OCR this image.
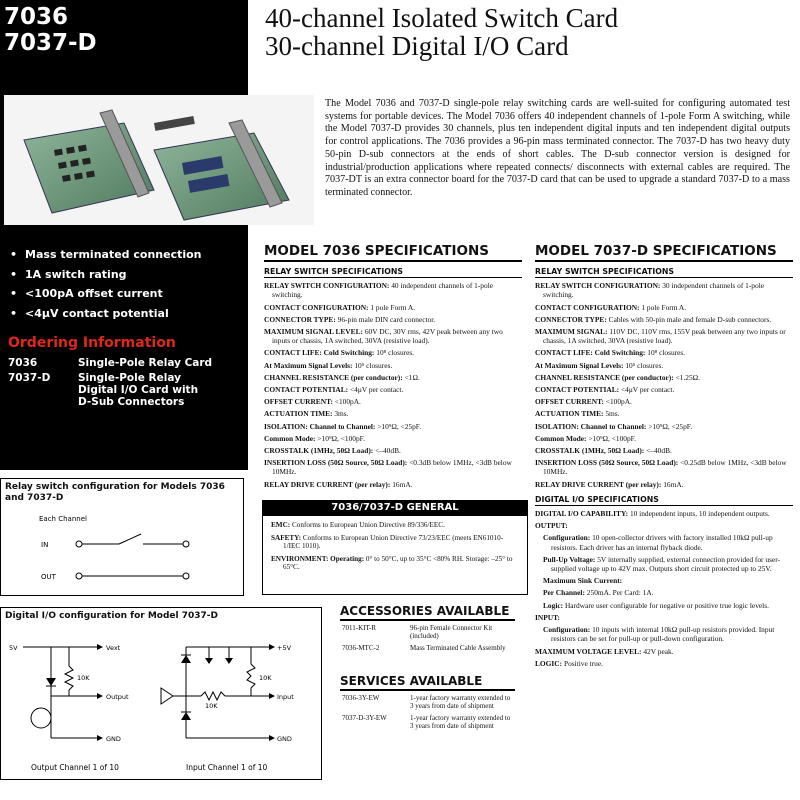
7036
7037-D
• Mass terminated connection
• 1A switch rating
• <100pA offset current
• <4μV contact potential
Ordering Information
7036	Single-Pole Relay Card
7037-D	Single-Pole Relay
Digital I/O Card with
D-Sub Connectors
40-channel Isolated Switch Card
30-channel Digital I/O Card
The Model 7036 and 7037-D single-pole relay switching cards are well-suited for configuring automated test systems for portable devices. The Model 7036 offers 40 independent channels of 1-pole Form A switching, while the Model 7037-D provides 30 channels, plus ten independent digital inputs and ten independent digital outputs for control applications. The 7036 provides a 96-pin mass terminated connector. The 7037-D has two heavy duty 50-pin D-sub connectors at the ends of short cables. The D-sub connector version is designed for industrial/production applications where repeated connects/ disconnects with external cables are required. The 7037-DT is an extra connector board for the 7037-D card that can be used to upgrade a standard 7037-D to a mass terminated connector.
MODEL 7036 SPECIFICATIONS
RELAY SWITCH SPECIFICATIONS
RELAY SWITCH CONFIGURATION: 40 independent channels of 1-pole switching.
CONTACT CONFIGURATION: 1 pole Form A.
CONNECTOR TYPE: 96-pin male DIN card connector.
MAXIMUM SIGNAL LEVEL: 60V DC, 30V rms, 42V peak between any two inputs or chassis, 1A switched, 30VA (resistive load).
CONTACT LIFE: Cold Switching: 10⁸ closures.
At Maximum Signal Levels: 10⁵ closures.
CHANNEL RESISTANCE (per conductor): <1Ω.
CONTACT POTENTIAL: <4μV per contact.
OFFSET CURRENT: <100pA.
ACTUATION TIME: 3ms.
ISOLATION: Channel to Channel: >10⁹Ω, <25pF.
Common Mode: >10⁹Ω, <100pF.
CROSSTALK (1MHz, 50Ω Load): <–40dB.
INSERTION LOSS (50Ω Source, 50Ω Load): <0.3dB below 1MHz, <3dB below 10MHz.
RELAY DRIVE CURRENT (per relay): 16mA.
MODEL 7037-D SPECIFICATIONS
RELAY SWITCH SPECIFICATIONS
RELAY SWITCH CONFIGURATION: 30 independent channels of 1-pole switching.
CONTACT CONFIGURATION: 1 pole Form A.
CONNECTOR TYPE: Cables with 50-pin male and female D-sub connectors.
MAXIMUM SIGNAL: 110V DC, 110V rms, 155V peak between any two inputs or chassis, 1A switched, 30VA (resistive load).
CONTACT LIFE: Cold Switching: 10⁸ closures.
At Maximum Signal Levels: 10⁵ closures.
CHANNEL RESISTANCE (per conductor): <1.25Ω.
CONTACT POTENTIAL: <4μV per contact.
OFFSET CURRENT: <100pA.
ACTUATION TIME: 5ms.
ISOLATION: Channel to Channel: >10⁹Ω, <25pF.
Common Mode: >10⁹Ω, <100pF.
CROSSTALK (1MHz, 50Ω Load): <–40dB.
INSERTION LOSS (50Ω Source, 50Ω Load): <0.25dB below 1MHz, <3dB below 10MHz.
RELAY DRIVE CURRENT (per relay): 16mA.
DIGITAL I/O SPECIFICATIONS
DIGITAL I/O CAPABILITY: 10 independent inputs, 10 independent outputs.
OUTPUT:
Configuration: 10 open-collector drivers with factory installed 10kΩ pull-up resistors. Each driver has an internal flyback diode.
Pull-Up Voltage: 5V internally supplied, external connection provided for user-supplied voltage up to 42V max. Outputs short circuit protected up to 25V.
Maximum Sink Current:
Per Channel: 250mA. Per Card: 1A.
Logic: Hardware user configurable for negative or positive true logic levels.
INPUT:
Configuration: 10 inputs with internal 10kΩ pull-up resistors provided. Input resistors can be set for pull-up or pull-down configuration.
MAXIMUM VOLTAGE LEVEL: 42V peak.
LOGIC: Positive true.
Relay switch configuration for Models 7036 and 7037-D
Each Channel
IN
OUT
Digital I/O configuration for Model 7037-D
5V	Vext
10K
Output
GND
Output Channel 1 of 10
+5V
10K
10K
Input
GND
Input Channel 1 of 10
7036/7037-D GENERAL
EMC: Conforms to European Union Directive 89/336/EEC.
SAFETY: Conforms to European Union Directive 73/23/EEC (meets EN61010-1/IEC 1010).
ENVIRONMENT: Operating: 0° to 50°C, up to 35°C <80% RH. Storage: –25° to 65°C.
ACCESSORIES AVAILABLE
7011-KIT-R	96-pin Female Connector Kit (included)
7036-MTC-2	Mass Terminated Cable Assembly
SERVICES AVAILABLE
7036-3Y-EW	1-year factory warranty extended to 3 years from date of shipment
7037-D-3Y-EW	1-year factory warranty extended to 3 years from date of shipment
